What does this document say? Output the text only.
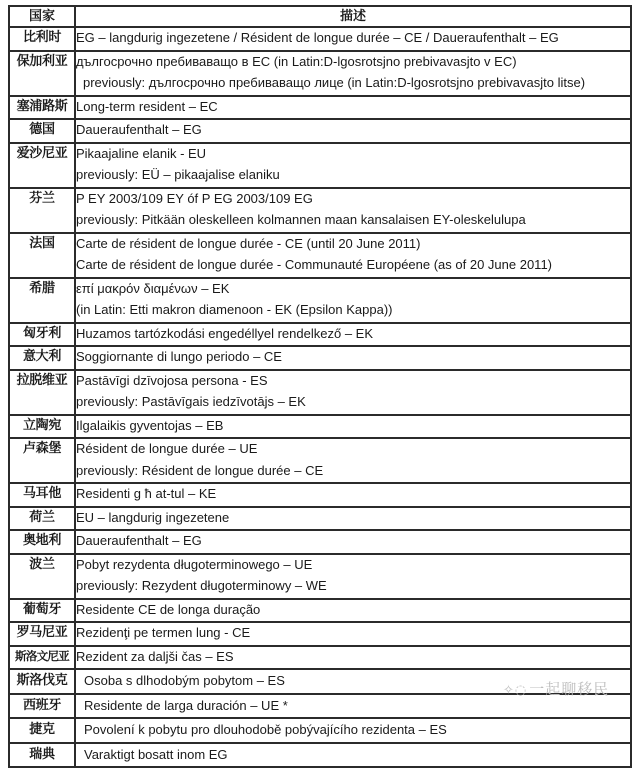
国家	描述
比利时	EG – langdurig ingezetene / Résident de longue durée – CE / Daueraufenthalt – EG

保加利亚	дългосрочно пребиваващо в ЕС (in Latin:D-lgosrotsjno prebivavasjto v EC)
previously: дългосрочно пребиваващо лице (in Latin:D-lgosrotsjno prebivavasjto litse)

塞浦路斯	Long-term resident – EC

德国	Daueraufenthalt – EG

爱沙尼亚	Pikaajaline elanik - EU
previously: EÜ – pikaajalise elaniku

芬兰	P EY 2003/109 EY óf P EG 2003/109 EG
previously: Pitkään oleskelleen kolmannen maan kansalaisen EY-oleskelulupa

法国	Carte de résident de longue durée - CE (until 20 June 2011)
Carte de résident de longue durée - Communauté Européene (as of 20 June 2011)

希腊	επί μακρόν διαμένων – ΕΚ
(in Latin: Etti makron diamenoon - EK (Epsilon Kappa))

匈牙利	Huzamos tartózkodási engedéllyel rendelkező – EK

意大利	Soggiornante di lungo periodo – CE

拉脱维亚	Pastāvīgi dzīvojosa persona - ES
previously: Pastāvīgais iedzīvotājs – EK

立陶宛	Ilgalaikis gyventojas – EB

卢森堡	Résident de longue durée – UE
previously: Résident de longue durée – CE

马耳他	Residenti g ħ at-tul – KE

荷兰	EU – langdurig ingezetene

奥地利	Daueraufenthalt – EG

波兰	Pobyt rezydenta długoterminowego – UE
previously: Rezydent długoterminowy – WE

葡萄牙	Residente CE de longa duração

罗马尼亚	Rezidenţi pe termen lung - CE

斯洛文尼亚	Rezident za daljši čas – ES

斯洛伐克	Osoba s dlhodobým pobytom – ES

西班牙	Residente de larga duración – UE *

捷克	Povolení k pobytu pro dlouhodobě pobývajícího rezidenta – ES

瑞典	Varaktigt bosatt inom EG
✧◌ 一起聊移民
